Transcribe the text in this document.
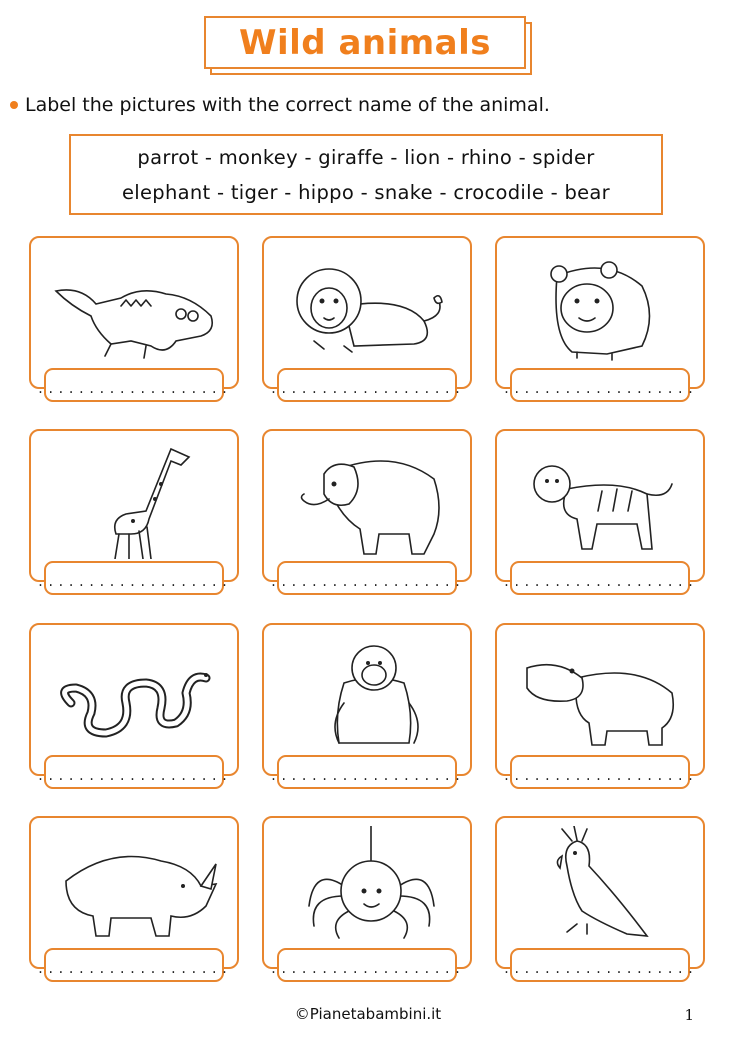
Wild animals
Label the pictures with the correct name of the animal.
parrot - monkey - giraffe - lion - rhino - spider
elephant - tiger - hippo - snake - crocodile - bear
...................	...................	...................
...................	...................	...................
...................	...................	...................
...................	...................	...................
©Pianetabambini.it	1
